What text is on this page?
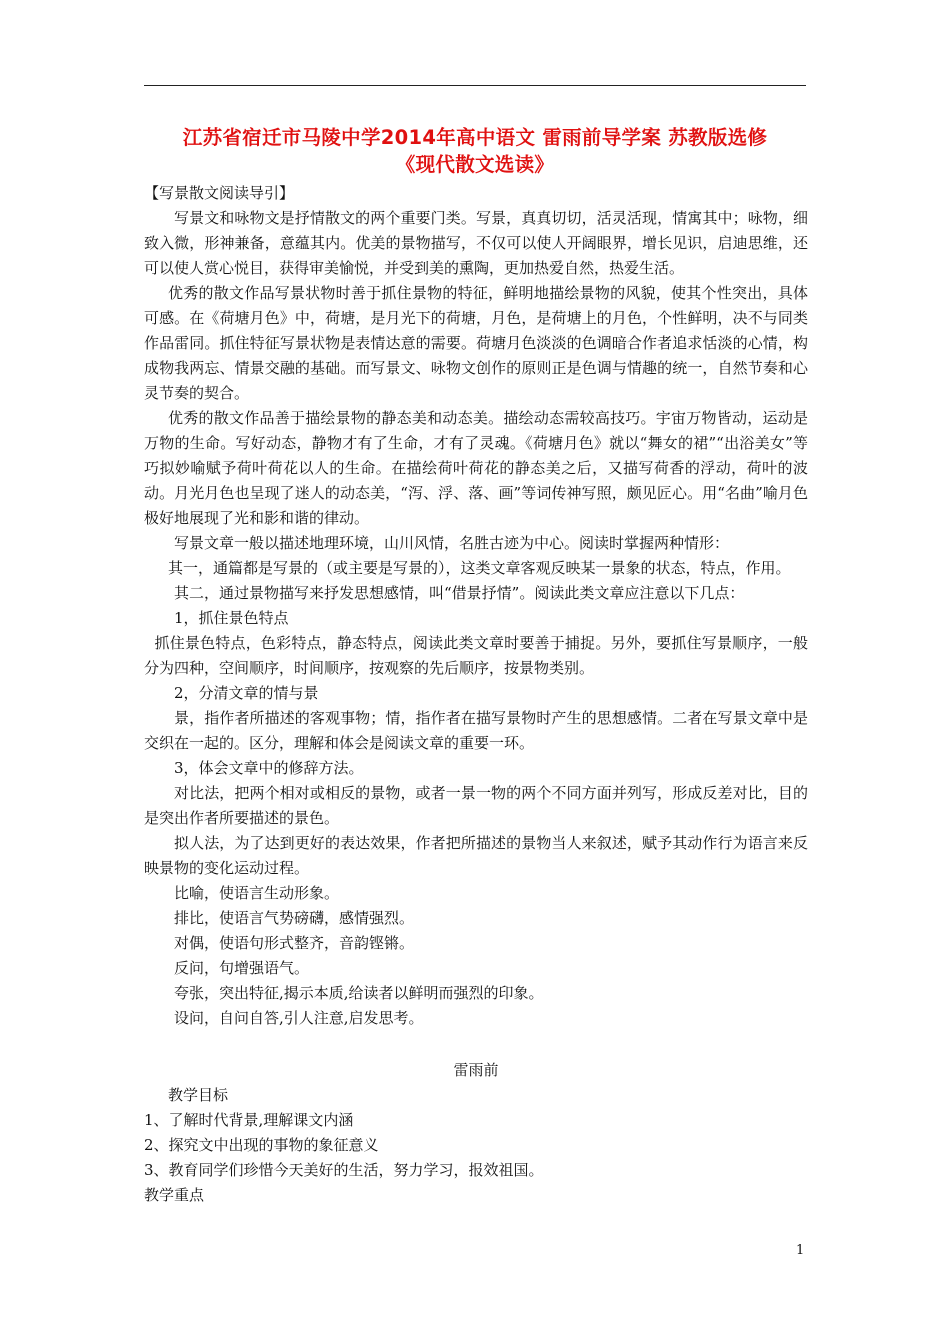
江苏省宿迁市马陵中学2014年高中语文 雷雨前导学案 苏教版选修
《现代散文选读》

【写景散文阅读导引】

写景文和咏物文是抒情散文的两个重要门类。写景，真真切切，活灵活现，情寓其中；咏物，细致入微，形神兼备，意蕴其内。优美的景物描写，不仅可以使人开阔眼界，增长见识，启迪思维，还可以使人赏心悦目，获得审美愉悦，并受到美的熏陶，更加热爱自然，热爱生活。

优秀的散文作品写景状物时善于抓住景物的特征，鲜明地描绘景物的风貌，使其个性突出，具体可感。在《荷塘月色》中，荷塘，是月光下的荷塘，月色，是荷塘上的月色，个性鲜明，决不与同类作品雷同。抓住特征写景状物是表情达意的需要。荷塘月色淡淡的色调暗合作者追求恬淡的心情，构成物我两忘、情景交融的基础。而写景文、咏物文创作的原则正是色调与情趣的统一，自然节奏和心灵节奏的契合。

优秀的散文作品善于描绘景物的静态美和动态美。描绘动态需较高技巧。宇宙万物皆动，运动是万物的生命。写好动态，静物才有了生命，才有了灵魂。《荷塘月色》就以“舞女的裙”“出浴美女”等巧拟妙喻赋予荷叶荷花以人的生命。在描绘荷叶荷花的静态美之后，又描写荷香的浮动，荷叶的波动。月光月色也呈现了迷人的动态美，“泻、浮、落、画”等词传神写照，颇见匠心。用“名曲”喻月色极好地展现了光和影和谐的律动。

写景文章一般以描述地理环境，山川风情，名胜古迹为中心。阅读时掌握两种情形：

其一，通篇都是写景的（或主要是写景的），这类文章客观反映某一景象的状态，特点，作用。

其二，通过景物描写来抒发思想感情，叫“借景抒情”。阅读此类文章应注意以下几点：

1，抓住景色特点

抓住景色特点，色彩特点，静态特点，阅读此类文章时要善于捕捉。另外，要抓住写景顺序，一般分为四种，空间顺序，时间顺序，按观察的先后顺序，按景物类别。

2，分清文章的情与景

景，指作者所描述的客观事物；情，指作者在描写景物时产生的思想感情。二者在写景文章中是交织在一起的。区分，理解和体会是阅读文章的重要一环。

3，体会文章中的修辞方法。

对比法，把两个相对或相反的景物，或者一景一物的两个不同方面并列写，形成反差对比，目的是突出作者所要描述的景色。

拟人法，为了达到更好的表达效果，作者把所描述的景物当人来叙述，赋予其动作行为语言来反映景物的变化运动过程。

比喻，使语言生动形象。

排比，使语言气势磅礴，感情强烈。

对偶，使语句形式整齐，音韵铿锵。

反问，句增强语气。

夸张，突出特征,揭示本质,给读者以鲜明而强烈的印象。

设问，自问自答,引人注意,启发思考。

雷雨前

教学目标

1、了解时代背景,理解课文内涵

2、探究文中出现的事物的象征意义

3、教育同学们珍惜今天美好的生活，努力学习，报效祖国。

教学重点

1
